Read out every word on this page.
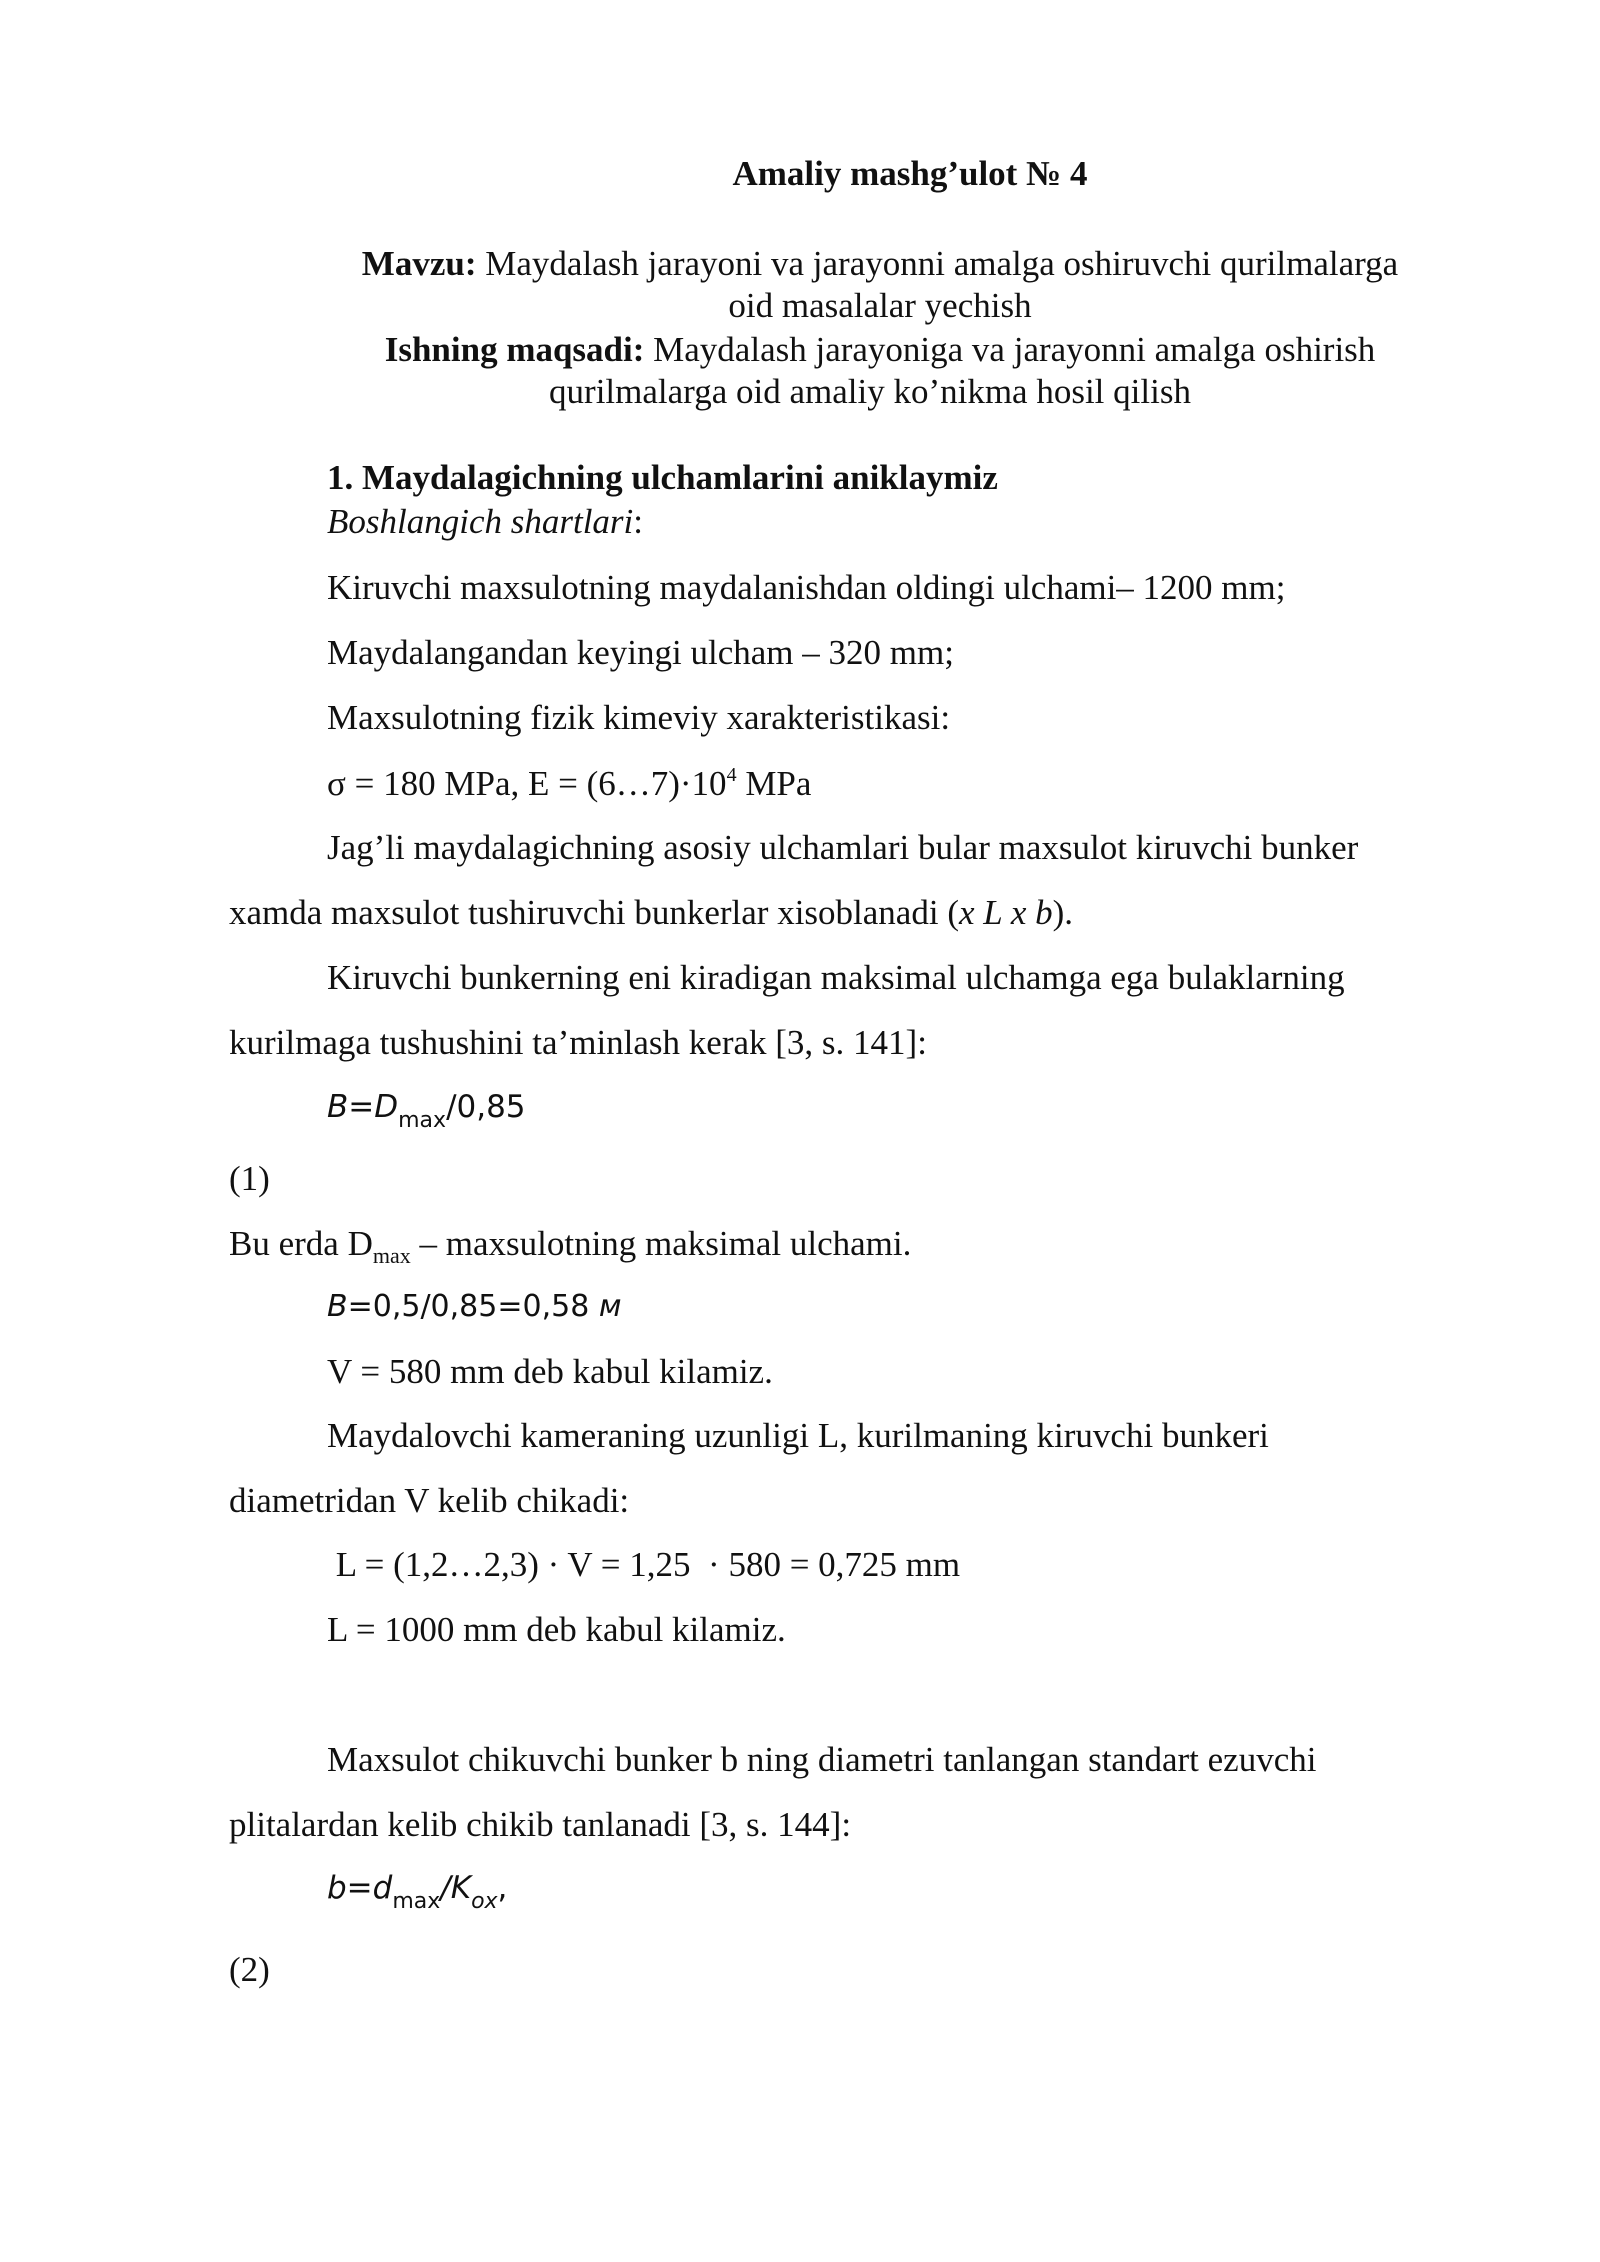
Amaliy mashg’ulot № 4
Mavzu: Maydalash jarayoni va jarayonni amalga oshiruvchi qurilmalarga
oid masalalar yechish
Ishning maqsadi: Maydalash jarayoniga va jarayonni amalga oshirish
qurilmalarga oid amaliy ko’nikma hosil qilish
1. Maydalagichning ulchamlarini aniklaymiz
Boshlangich shartlari:
Kiruvchi maxsulotning maydalanishdan oldingi ulchami– 1200 mm;
Maydalangandan keyingi ulcham – 320 mm;
Maxsulotning fizik kimeviy xarakteristikasi:
σ = 180 MPa, $E = (6\dots 7)\cdot 10^4$ MPa
Jag’li maydalagichning asosiy ulchamlari bular maxsulot kiruvchi bunker
xamda maxsulot tushiruvchi bunkerlar xisoblanadi (x L x b).
Kiruvchi bunkerning eni kiradigan maksimal ulchamga ega bulaklarning
kurilmaga tushushini ta’minlash kerak [3, s. 141]:
$B=D_{max}/0,85$
(1)
Bu erda $D_{max}$ – maxsulotning maksimal ulchami.
B=0,5/0,85=0,58 м
V = 580 mm deb kabul kilamiz.
Maydalovchi kameraning uzunligi L, kurilmaning kiruvchi bunkeri
diametridan V kelib chikadi:
L = (1,2…2,3) · V = 1,25  · 580 = 0,725 mm
L = 1000 mm deb kabul kilamiz.
Maxsulot chikuvchi bunker b ning diametri tanlangan standart ezuvchi
plitalardan kelib chikib tanlanadi [3, s. 144]:
$b=d_{max}/K_{ox}$,
(2)
